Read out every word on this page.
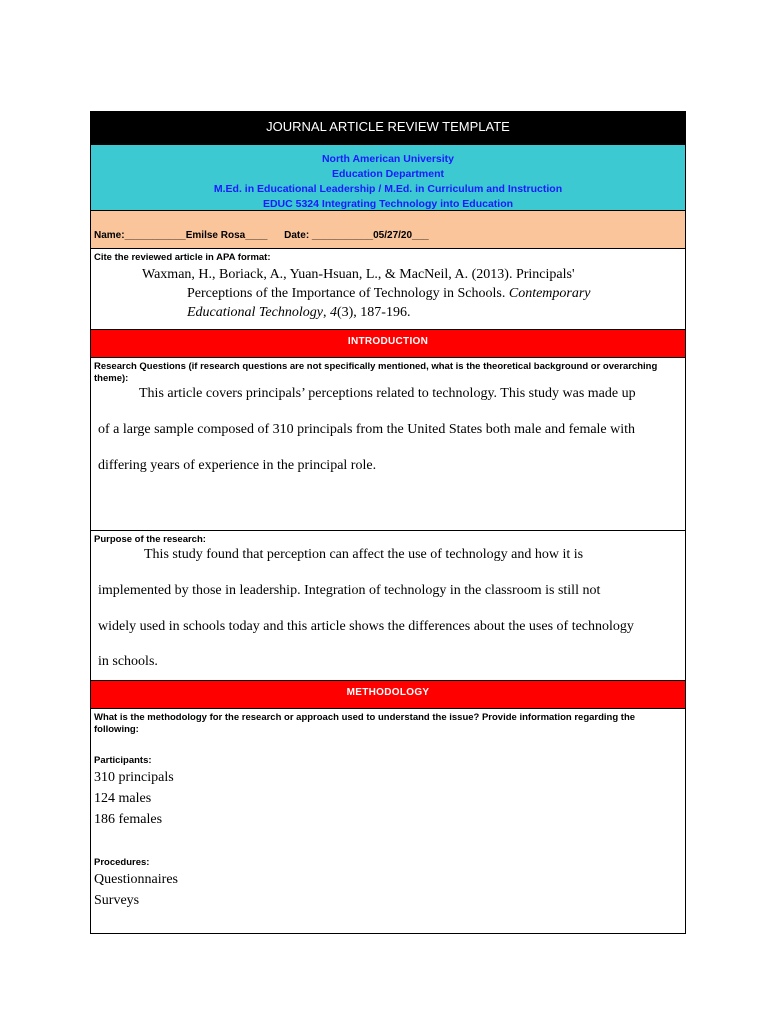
JOURNAL ARTICLE REVIEW TEMPLATE
North American University
Education Department
M.Ed. in Educational Leadership / M.Ed. in Curriculum and Instruction
EDUC 5324 Integrating Technology into Education
Name:___________Emilse Rosa____ Date: ___________05/27/20___
Cite the reviewed article in APA format:
Waxman, H., Boriack, A., Yuan-Hsuan, L., & MacNeil, A. (2013). Principals'
Perceptions of the Importance of Technology in Schools. Contemporary
Educational Technology, 4(3), 187-196.
INTRODUCTION
Research Questions (if research questions are not specifically mentioned, what is the theoretical background or overarching theme):
This article covers principals’ perceptions related to technology. This study was made up
of a large sample composed of 310 principals from the United States both male and female with
differing years of experience in the principal role.
Purpose of the research:
This study found that perception can affect the use of technology and how it is
implemented by those in leadership. Integration of technology in the classroom is still not
widely used in schools today and this article shows the differences about the uses of technology
in schools.
METHODOLOGY
What is the methodology for the research or approach used to understand the issue? Provide information regarding the following:
Participants:
310 principals
124 males
186 females
Procedures:
Questionnaires
Surveys
